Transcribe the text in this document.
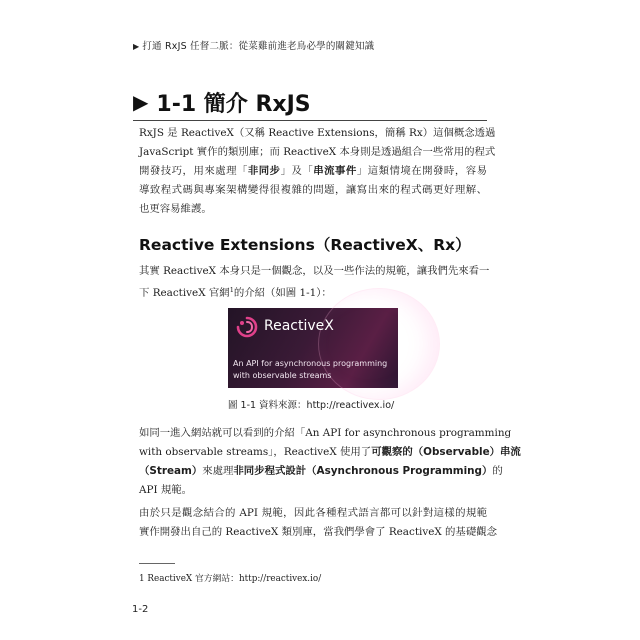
▶ 打通 RxJS 任督二脈：從菜雞前進老鳥必學的關鍵知識
▶ 1-1 簡介 RxJS
RxJS 是 ReactiveX（又稱 Reactive Extensions，簡稱 Rx）這個概念透過
JavaScript 實作的類別庫；而 ReactiveX 本身則是透過組合一些常用的程式
開發技巧，用來處理「非同步」及「串流事件」這類情境在開發時，容易
導致程式碼與專案架構變得很複雜的問題，讓寫出來的程式碼更好理解、
也更容易維護。
Reactive Extensions（ReactiveX、Rx）
其實 ReactiveX 本身只是一個觀念，以及一些作法的規範，讓我們先來看一
下 ReactiveX 官網$^1$的介紹（如圖 1-1）：
ReactiveX
An API for asynchronous programming
with observable streams
圖 1-1 資料來源：http://reactivex.io/
如同一進入網站就可以看到的介紹「An API for asynchronous programming
with observable streams」，ReactiveX 使用了可觀察的（Observable）串流
（Stream）來處理非同步程式設計（Asynchronous Programming）的
API 規範。
由於只是觀念結合的 API 規範，因此各種程式語言都可以針對這樣的規範
實作開發出自己的 ReactiveX 類別庫，當我們學會了 ReactiveX 的基礎觀念
1 ReactiveX 官方網站：http://reactivex.io/
1-2
